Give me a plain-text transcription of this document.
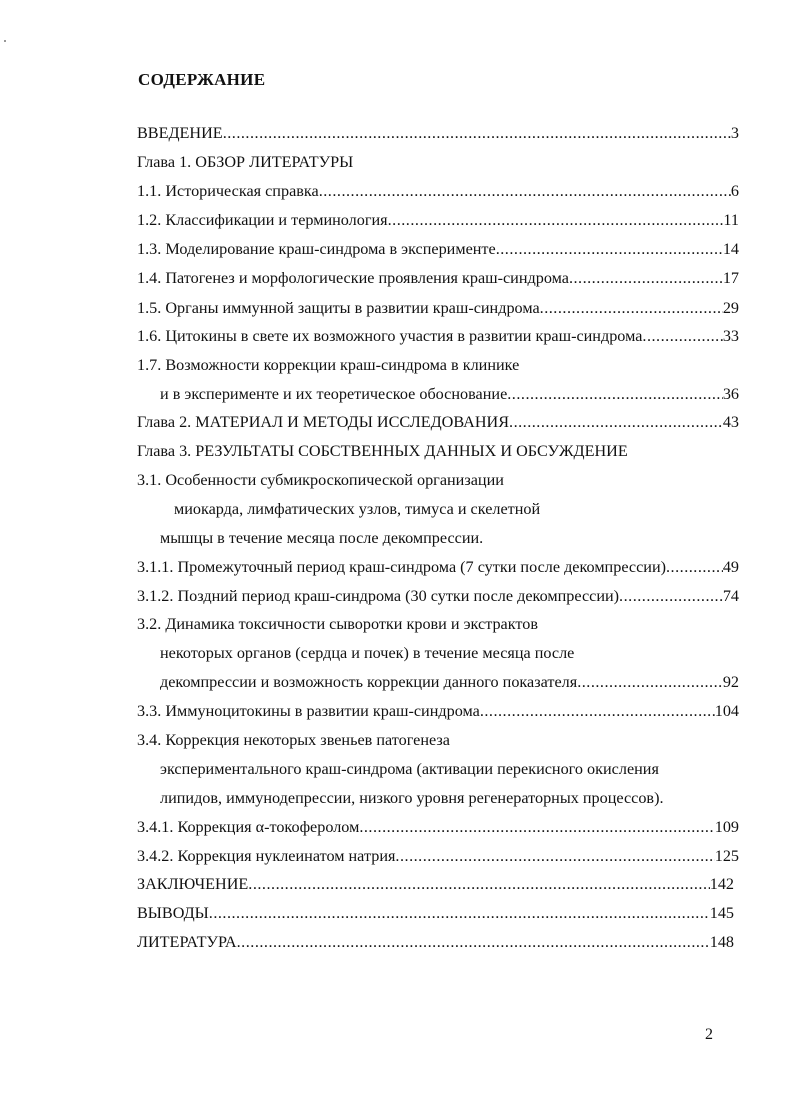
СОДЕРЖАНИЕ
ВВЕДЕНИЕ .....	3
Глава 1. ОБЗОР ЛИТЕРАТУРЫ
1.1. Историческая справка .....	6
1.2. Классификации и терминология .....	11
1.3. Моделирование краш-синдрома в эксперименте .....	14
1.4. Патогенез и морфологические проявления краш-синдрома .....	17
1.5. Органы иммунной защиты в развитии краш-синдрома .....	29
1.6. Цитокины в свете их возможного участия в развитии краш-синдрома .....	33
1.7. Возможности коррекции краш-синдрома в клинике
и в эксперименте и их теоретическое обоснование .....	36
Глава 2. МАТЕРИАЛ И МЕТОДЫ ИССЛЕДОВАНИЯ .....	43
Глава 3. РЕЗУЛЬТАТЫ СОБСТВЕННЫХ ДАННЫХ И ОБСУЖДЕНИЕ
3.1. Особенности субмикроскопической организации
миокарда, лимфатических узлов, тимуса и скелетной
мышцы в течение месяца после декомпрессии.
3.1.1. Промежуточный период краш-синдрома (7 сутки после декомпрессии) .....	49
3.1.2. Поздний период краш-синдрома (30 сутки после декомпрессии) .....	74
3.2. Динамика токсичности сыворотки крови и экстрактов
некоторых органов (сердца и почек) в течение месяца после
декомпрессии и возможность коррекции данного показателя .....	92
3.3. Иммуноцитокины в развитии краш-синдрома .....	104
3.4. Коррекция некоторых звеньев патогенеза
экспериментального краш-синдрома (активации перекисного окисления
липидов, иммунодепрессии, низкого уровня регенераторных процессов).
3.4.1. Коррекция α-токоферолом .....	109
3.4.2. Коррекция нуклеинатом натрия .....	125
ЗАКЛЮЧЕНИЕ .....	142
ВЫВОДЫ .....	145
ЛИТЕРАТУРА .....	148
2
